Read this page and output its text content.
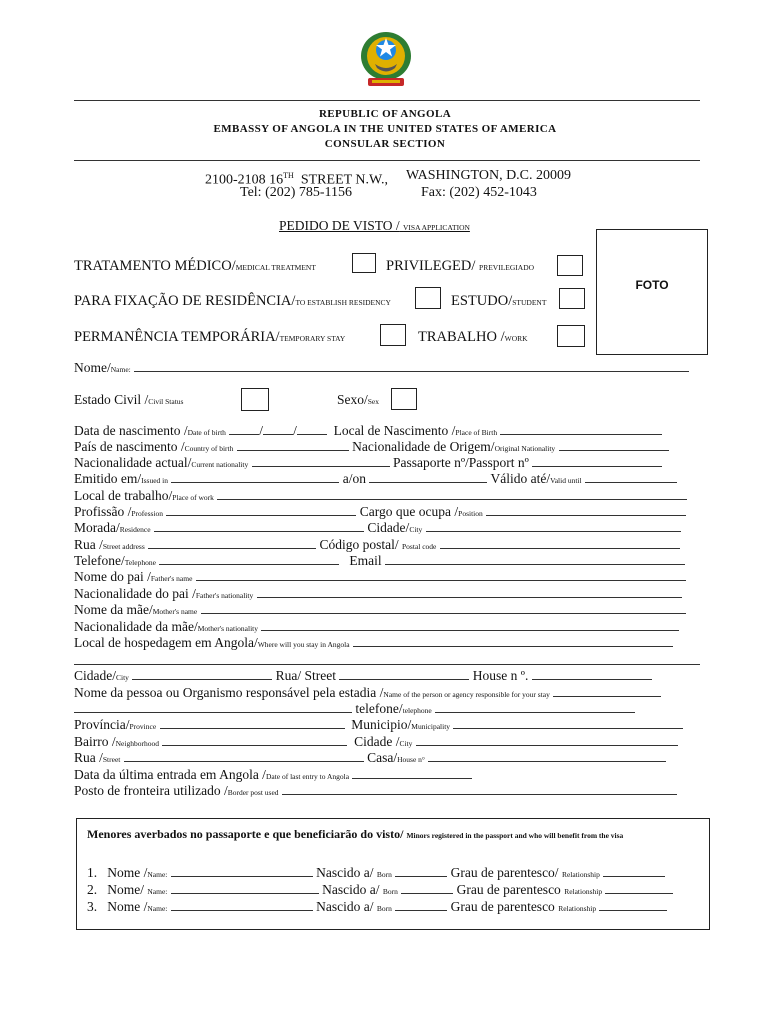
REPUBLIC OF ANGOLA
EMBASSY OF ANGOLA IN THE UNITED STATES OF AMERICA
CONSULAR SECTION
2100-2108 16TH STREET N.W., WASHINGTON, D.C. 20009
Tel: (202) 785-1156	Fax: (202) 452-1043
PEDIDO DE VISTO / VISA APPLICATION
FOTO
TRATAMENTO MÉDICO/MEDICAL TREATMENT	PRIVILEGED/ PREVILEGIADO
PARA FIXAÇÃO DE RESIDÊNCIA/TO ESTABLISH RESIDENCY	ESTUDO/STUDENT
PERMANÊNCIA TEMPORÁRIA/TEMPORARY STAY	TRABALHO /WORK
Nome/Name:
Estado Civil /Civil Status	Sexo/Sex
Data de nascimento /Date of birth / /	Local de Nascimento /Place of Birth
País de nascimento /Country of birth	Nacionalidade de Origem/Original Nationality
Nacionalidade actual/Current nationality	Passaporte nº/Passport nº
Emitido em/Issued in	a/on	Válido até/Valid until
Local de trabalho/Place of work
Profissão /Profession	Cargo que ocupa /Position
Morada/Residence	Cidade/City
Rua /Street address	Código postal/ Postal code
Telefone/Telephone	Email
Nome do pai /Father's name
Nacionalidade do pai /Father's nationality
Nome da mãe/Mother's name
Nacionalidade da mãe/Mother's nationality
Local de hospedagem em Angola/Where will you stay in Angola
Cidade/City	Rua/ Street	House n º.
Nome da pessoa ou Organismo responsável pela estadia /Name of the person or agency responsible for your stay
telefone/telephone
Província/Province	Municipio/Municipality
Bairro /Neighborhood	Cidade /City
Rua /Street	Casa/House n°
Data da última entrada em Angola /Date of last entry to Angola
Posto de fronteira utilizado /Border post used
Menores averbados no passaporte e que beneficiarão do visto/ Minors registered in the passport and who will benefit from the visa
1. Nome /Name:	Nascido a/ Born	Grau de parentesco/ Relationship
2. Nome/ Name:	Nascido a/ Born	Grau de parentesco Relationship
3. Nome /Name:	Nascido a/ Born	Grau de parentesco Relationship
